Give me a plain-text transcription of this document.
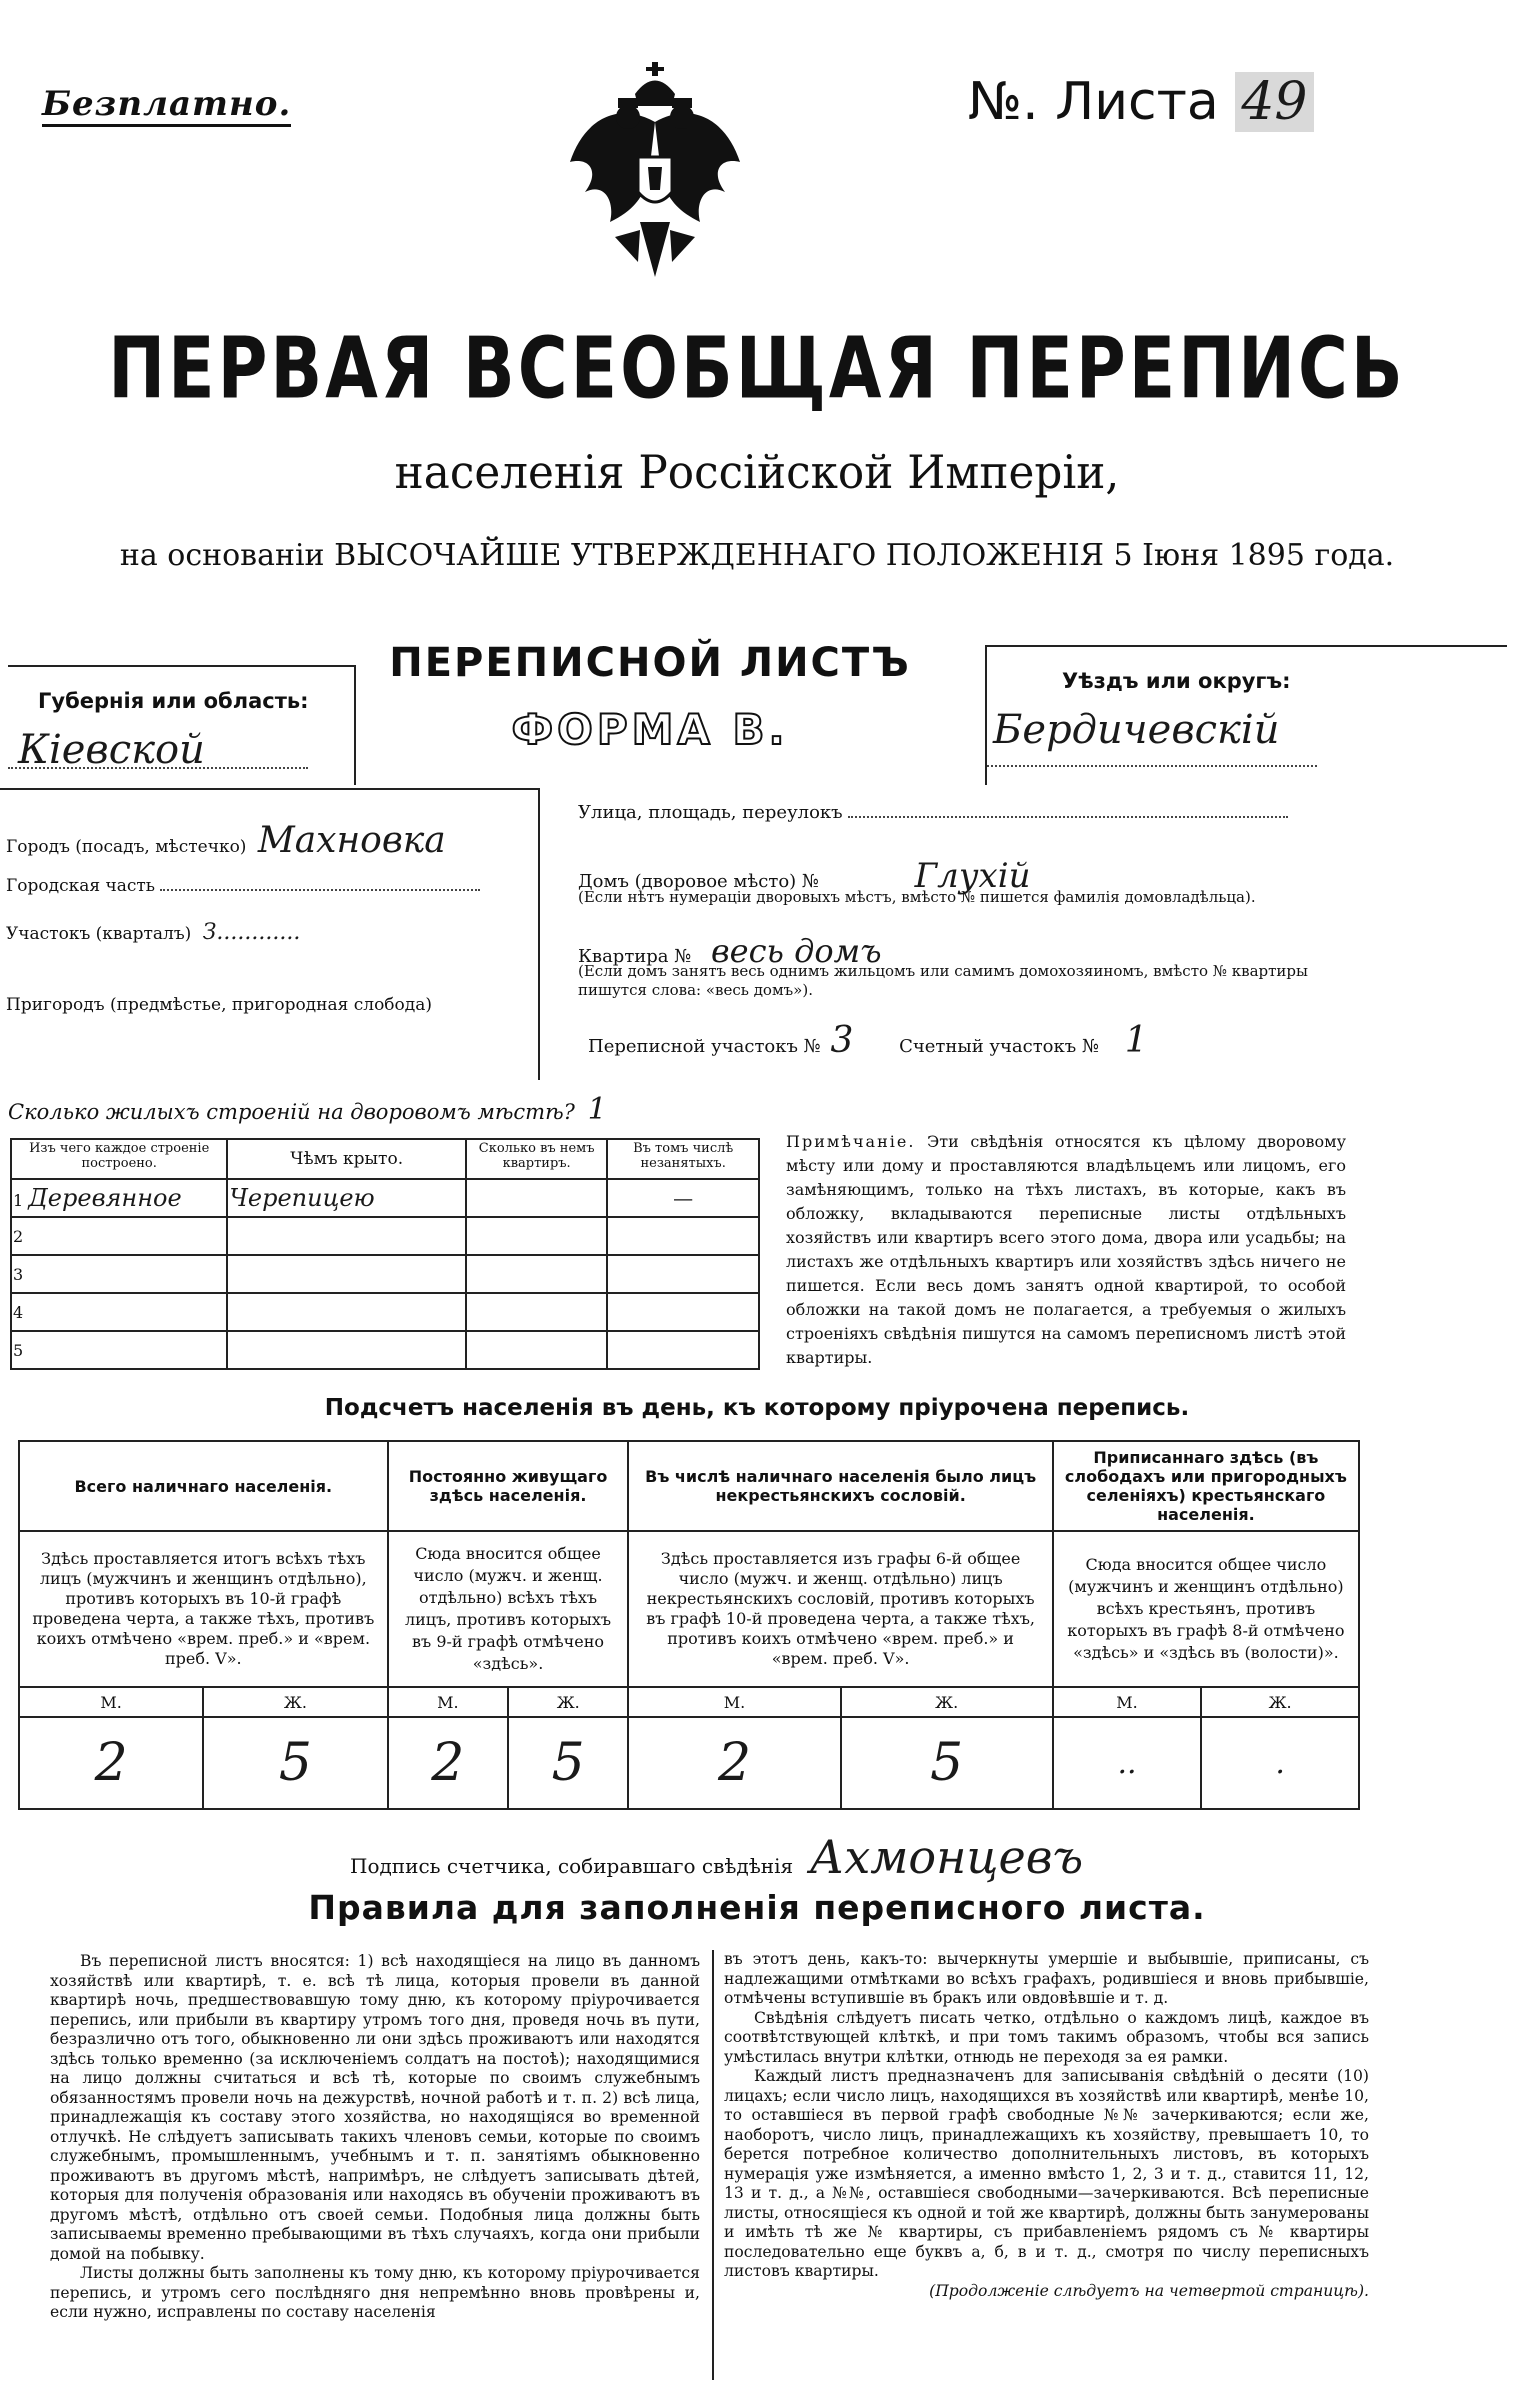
Безплатно.	№. Листа 49
ПЕРВАЯ ВСЕОБЩАЯ ПЕРЕПИСЬ
населенія Россійской Имперіи,
на основаніи ВЫСОЧАЙШЕ УТВЕРЖДЕННАГО ПОЛОЖЕНІЯ 5 Іюня 1895 года.
Губернія или область:
Кіевской
ПЕРЕПИСНОЙ ЛИСТЪ
ФОРМА В.
Уѣздъ или округъ:
Бердичевскій
Городъ (посадъ, мѣстечко) Махновка
Городская часть
Участокъ (кварталъ) З............
Пригородъ (предмѣстье, пригородная слобода)
Улица, площадь, переулокъ
Домъ (дворовое мѣсто) №	Глухій
(Если нѣтъ нумераціи дворовыхъ мѣстъ, вмѣсто № пишется фамилія домовладѣльца).
Квартира № весь домъ
(Если домъ занятъ весь однимъ жильцомъ или самимъ домохозяиномъ, вмѣсто № квартиры пишутся слова: «весь домъ»).
Переписной участокъ № 3	Счетный участокъ № 1
Сколько жилыхъ строеній на дворовомъ мѣстѣ? 1
Изъ чего каждое строеніе построено.	Чѣмъ крыто.	Сколько въ немъ квартиръ.	Въ томъ числѣ незанятыхъ.
1 Деревянное	Черепицею		—
2			
3			
4			
5			
Примѣчаніе. Эти свѣдѣнія относятся къ цѣлому дворовому мѣсту или дому и проставляются владѣльцемъ или лицомъ, его замѣняющимъ, только на тѣхъ листахъ, въ которые, какъ въ обложку, вкладываются переписные листы отдѣльныхъ хозяйствъ или квартиръ всего этого дома, двора или усадьбы; на листахъ же отдѣльныхъ квартиръ или хозяйствъ здѣсь ничего не пишется. Если весь домъ занятъ одной квартирой, то особой обложки на такой домъ не полагается, а требуемыя о жилыхъ строеніяхъ свѣдѣнія пишутся на самомъ переписномъ листѣ этой квартиры.
Подсчетъ населенія въ день, къ которому пріурочена перепись.
Всего наличнаго населенія.		Постоянно живущаго здѣсь населенія.		Въ числѣ наличнаго населенія было лицъ некрестьянскихъ сословій.		Приписаннаго здѣсь (въ слободахъ или пригородныхъ селеніяхъ) крестьянскаго населенія.	
Здѣсь проставляется итогъ всѣхъ тѣхъ лицъ (мужчинъ и женщинъ отдѣльно), противъ которыхъ въ 10-й графѣ проведена черта, а также тѣхъ, противъ коихъ отмѣчено «врем. преб.» и «врем. преб. V».		Сюда вносится общее число (мужч. и женщ. отдѣльно) всѣхъ тѣхъ лицъ, противъ которыхъ въ 9-й графѣ отмѣчено «здѣсь».		Здѣсь проставляется изъ графы 6-й общее число (мужч. и женщ. отдѣльно) лицъ некрестьянскихъ сословій, противъ которыхъ въ графѣ 10-й проведена черта, а также тѣхъ, противъ коихъ отмѣчено «врем. преб.» и «врем. преб. V».		Сюда вносится общее число (мужчинъ и женщинъ отдѣльно) всѣхъ крестьянъ, противъ которыхъ въ графѣ 8-й отмѣчено «здѣсь» и «здѣсь въ (волости)».	
М.	Ж.	М.	Ж.	М.	Ж.	М.	Ж.
2	5	2	5	2	5	..	.
Подпись счетчика, собиравшаго свѣдѣнія Ахмонцевъ
Правила для заполненія переписного листа.
Въ переписной листъ вносятся: 1) всѣ находящіеся на лицо въ данномъ хозяйствѣ или квартирѣ, т. е. всѣ тѣ лица, которыя провели въ данной квартирѣ ночь, предшествовавшую тому дню, къ которому пріурочивается перепись, или прибыли въ квартиру утромъ того дня, проведя ночь въ пути, безразлично отъ того, обыкновенно ли они здѣсь проживаютъ или находятся здѣсь только временно (за исключеніемъ солдатъ на постоѣ); находящимися на лицо должны считаться и всѣ тѣ, которые по своимъ служебнымъ обязанностямъ провели ночь на дежурствѣ, ночной работѣ и т. п. 2) всѣ лица, принадлежащія къ составу этого хозяйства, но находящіяся во временной отлучкѣ. Не слѣдуетъ записывать такихъ членовъ семьи, которые по своимъ служебнымъ, промышленнымъ, учебнымъ и т. п. занятіямъ обыкновенно проживаютъ въ другомъ мѣстѣ, напримѣръ, не слѣдуетъ записывать дѣтей, которыя для полученія образованія или находясь въ обученіи проживаютъ въ другомъ мѣстѣ, отдѣльно отъ своей семьи. Подобныя лица должны быть записываемы временно пребывающими въ тѣхъ случаяхъ, когда они прибыли домой на побывку.
Листы должны быть заполнены къ тому дню, къ которому пріурочивается перепись, и утромъ сего послѣдняго дня непремѣнно вновь провѣрены и, если нужно, исправлены по составу населенія
въ этотъ день, какъ-то: вычеркнуты умершіе и выбывшіе, приписаны, съ надлежащими отмѣтками во всѣхъ графахъ, родившіеся и вновь прибывшіе, отмѣчены вступившіе въ бракъ или овдовѣвшіе и т. д.
Свѣдѣнія слѣдуетъ писать четко, отдѣльно о каждомъ лицѣ, каждое въ соотвѣтствующей клѣткѣ, и при томъ такимъ образомъ, чтобы вся запись умѣстилась внутри клѣтки, отнюдь не переходя за ея рамки.
Каждый листъ предназначенъ для записыванія свѣдѣній о десяти (10) лицахъ; если число лицъ, находящихся въ хозяйствѣ или квартирѣ, менѣе 10, то оставшіеся въ первой графѣ свободные №№ зачеркиваются; если же, наоборотъ, число лицъ, принадлежащихъ къ хозяйству, превышаетъ 10, то берется потребное количество дополнительныхъ листовъ, въ которыхъ нумерація уже измѣняется, а именно вмѣсто 1, 2, 3 и т. д., ставится 11, 12, 13 и т. д., а №№, оставшіеся свободными—зачеркиваются. Всѣ переписные листы, относящіеся къ одной и той же квартирѣ, должны быть занумерованы и имѣть тѣ же № квартиры, съ прибавленіемъ рядомъ съ № квартиры последовательно еще буквъ а, б, в и т. д., смотря по числу переписныхъ листовъ квартиры.
(Продолженіе слѣдуетъ на четвертой страницѣ).
